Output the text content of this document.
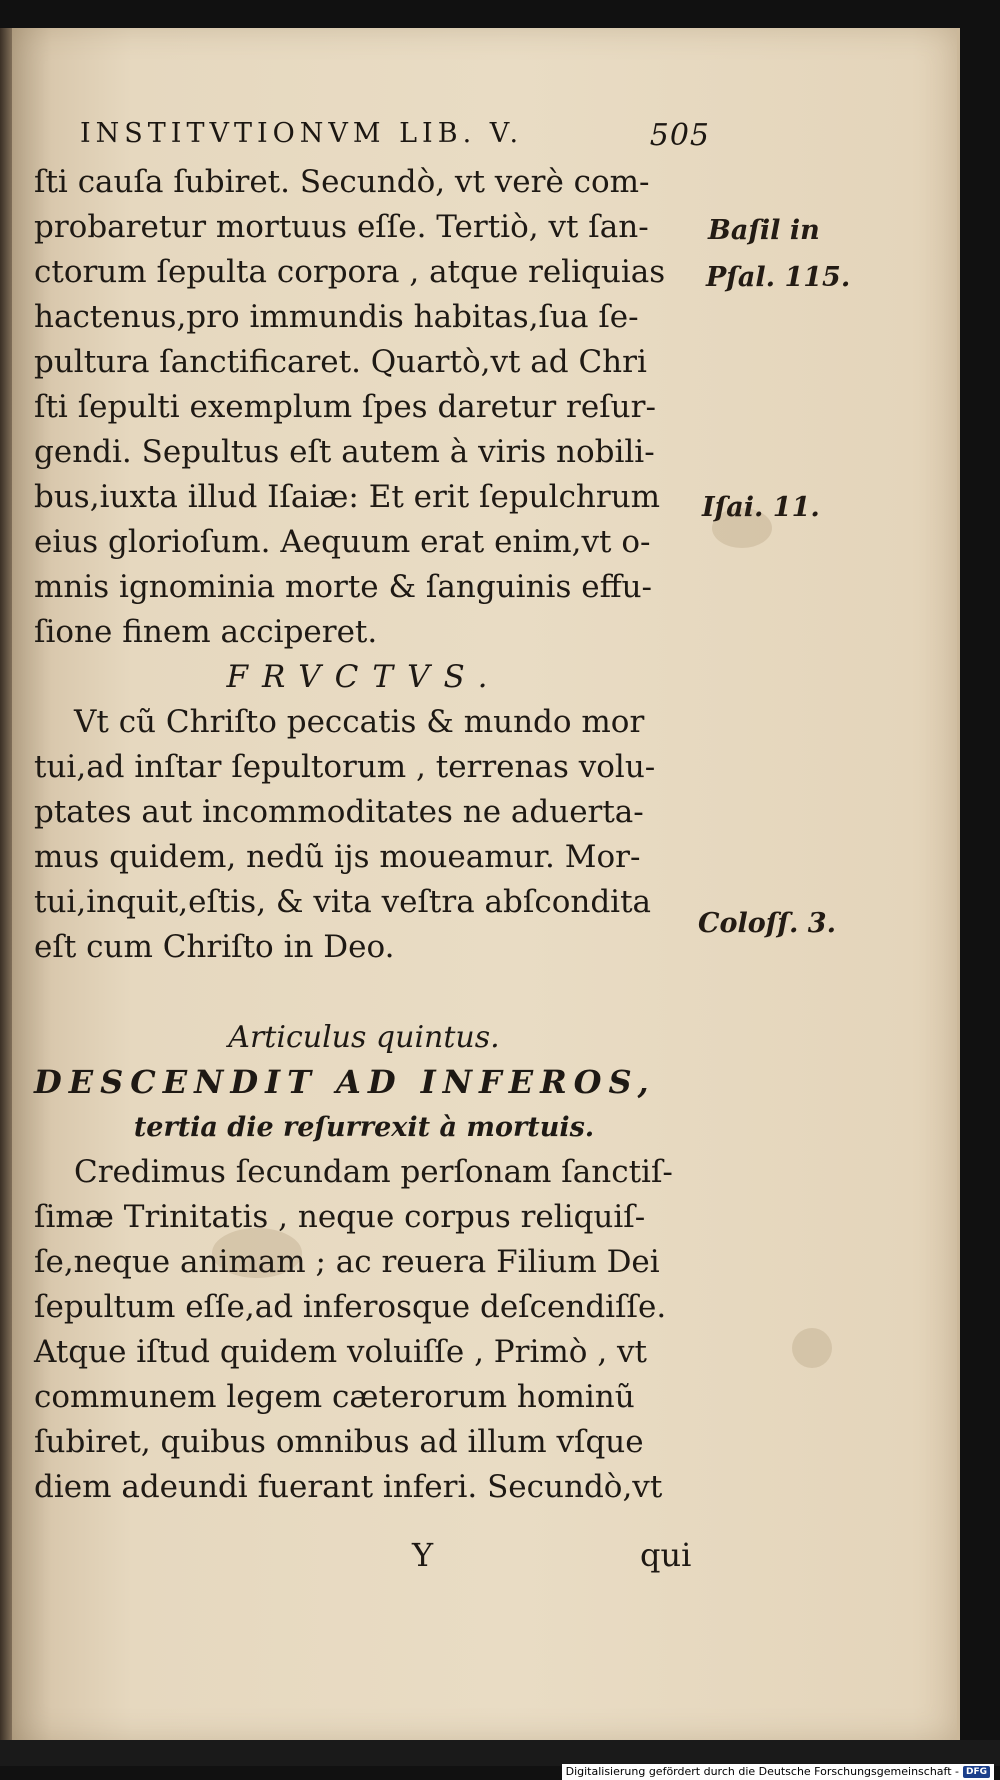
INSTITVTIONVM LIB. V.	505
ſti cauſa ſubiret. Secundò, vt verè com-
probaretur mortuus eſſe. Tertiò, vt ſan-
ctorum ſepulta corpora , atque reliquias
hactenus,pro immundis habitas,ſua ſe-
pultura ſanctificaret. Quartò,vt ad Chri
ſti ſepulti exemplum ſpes daretur reſur-
gendi. Sepultus eſt autem à viris nobili-
bus,iuxta illud Iſaiæ: Et erit ſepulchrum
eius glorioſum. Aequum erat enim,vt o-
mnis ignominia morte & ſanguinis effu-
ſione finem acciperet.
FRVCTVS.
Vt cũ Chriſto peccatis & mundo mor
tui,ad inſtar ſepultorum , terrenas volu-
ptates aut incommoditates ne aduerta-
mus quidem, nedũ ijs moueamur. Mor-
tui,inquit,eſtis, & vita veſtra abſcondita
eſt cum Chriſto in Deo.
Articulus quintus.
DESCENDIT AD INFEROS,
tertia die reſurrexit à mortuis.
Credimus ſecundam perſonam ſanctiſ-
ſimæ Trinitatis , neque corpus reliquiſ-
ſe,neque animam ; ac reuera Filium Dei
ſepultum eſſe,ad inferosque deſcendiſſe.
Atque iſtud quidem voluiſſe , Primò , vt
communem legem cæterorum hominũ
ſubiret, quibus omnibus ad illum vſque
diem adeundi fuerant inferi. Secundò,vt
Baſil in
Pſal. 115.
Iſai. 11.
Coloſſ. 3.
Y	qui
Digitalisierung gefördert durch die Deutsche Forschungsgemeinschaft - DFG
